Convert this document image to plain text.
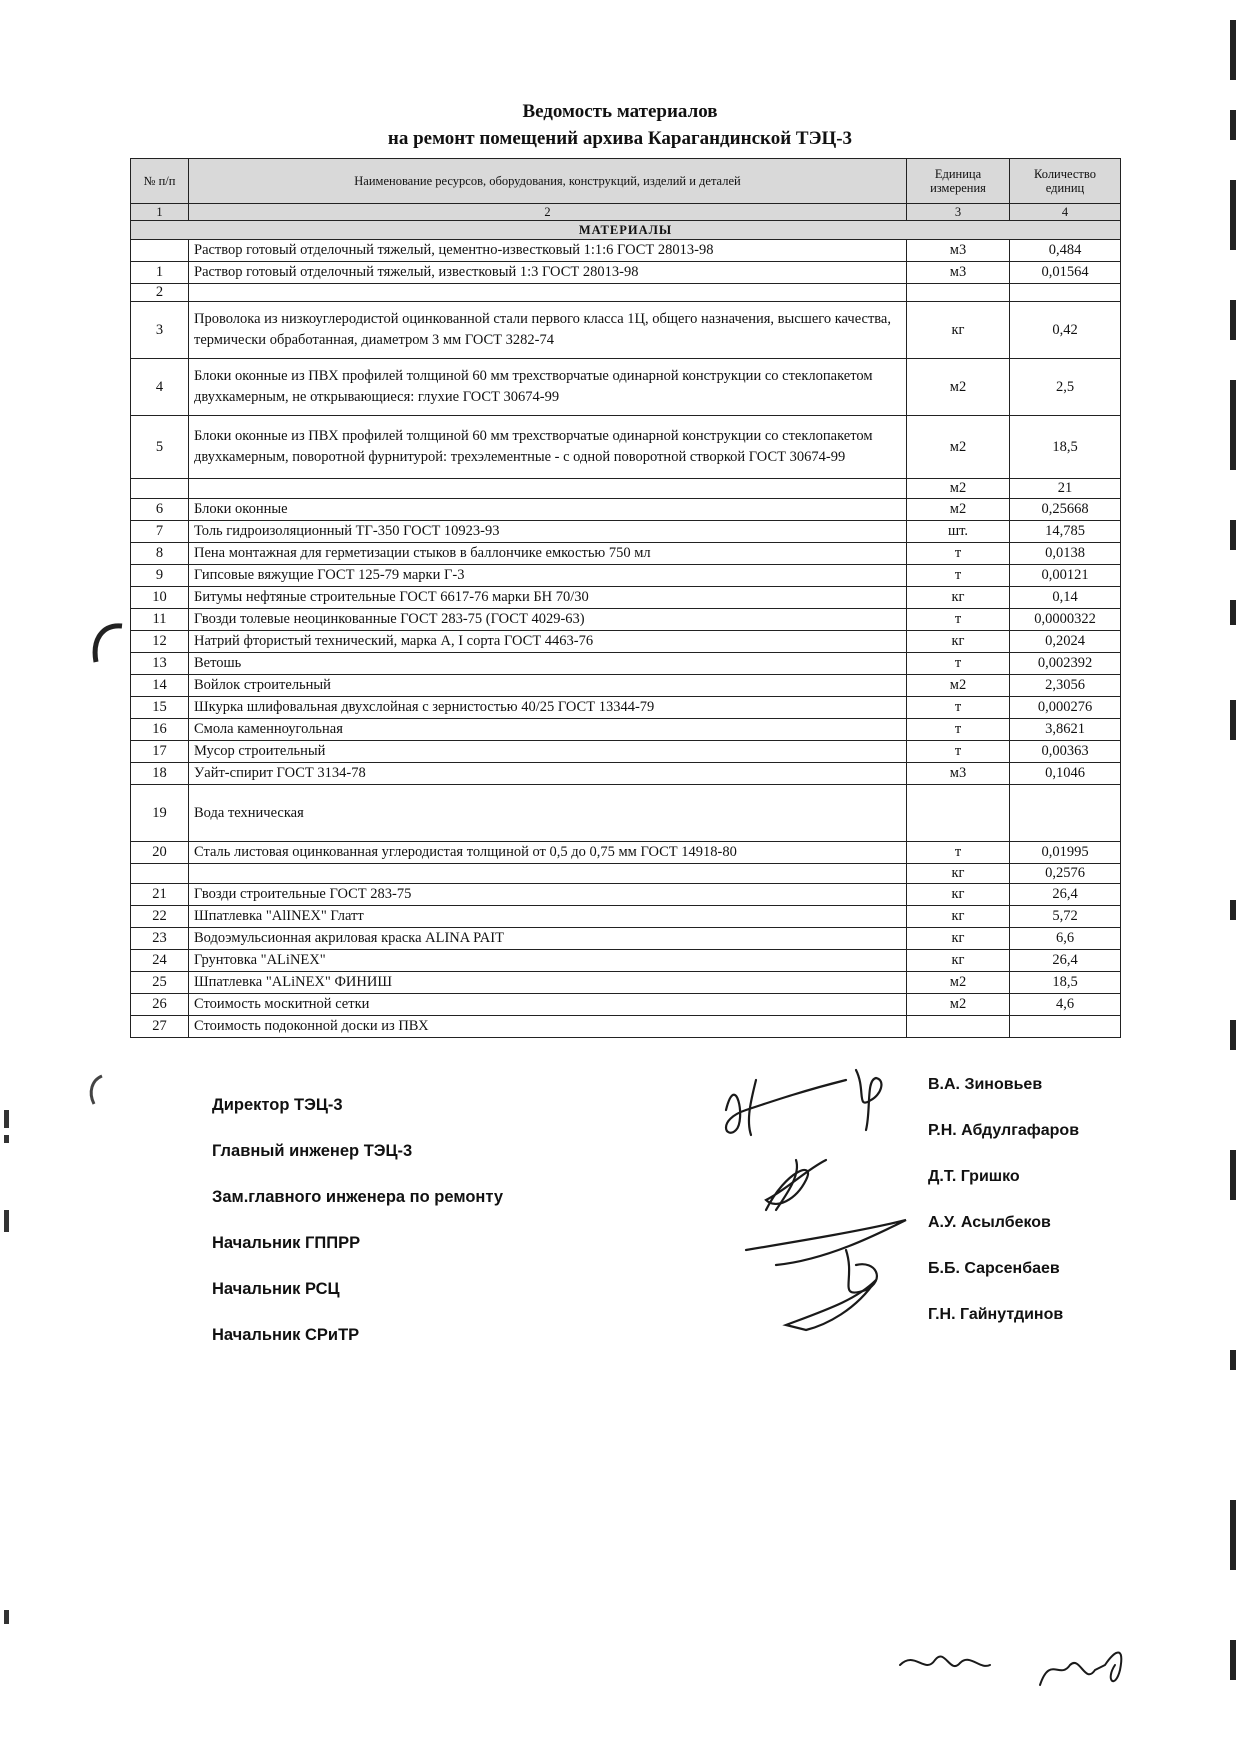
Ведомость материалов
на ремонт помещений архива Карагандинской ТЭЦ-3
№ п/п	Наименование ресурсов, оборудования, конструкций, изделий и деталей	Единица измерения	Количество единиц
1	2	3	4
МАТЕРИАЛЫ			
	Раствор готовый отделочный тяжелый, цементно-известковый 1:1:6 ГОСТ 28013-98	м3	0,484
1	Раствор готовый отделочный тяжелый, известковый 1:3 ГОСТ 28013-98	м3	0,01564
2			
3	Проволока из низкоуглеродистой оцинкованной стали первого класса 1Ц, общего назначения, высшего качества, термически обработанная, диаметром 3 мм ГОСТ 3282-74	кг	0,42
4	Блоки оконные из ПВХ профилей толщиной 60 мм трехстворчатые одинарной конструкции со стеклопакетом двухкамерным, не открывающиеся: глухие ГОСТ 30674-99	м2	2,5
5	Блоки оконные из ПВХ профилей толщиной 60 мм трехстворчатые одинарной конструкции со стеклопакетом двухкамерным, поворотной фурнитурой: трехэлементные - с одной поворотной створкой ГОСТ 30674-99	м2	18,5
		м2	21
6	Блоки оконные	м2	0,25668
7	Толь гидроизоляционный ТГ-350 ГОСТ 10923-93	шт.	14,785
8	Пена монтажная для герметизации стыков в баллончике емкостью 750 мл	т	0,0138
9	Гипсовые вяжущие ГОСТ 125-79 марки Г-3	т	0,00121
10	Битумы нефтяные строительные ГОСТ 6617-76 марки БН 70/30	кг	0,14
11	Гвозди толевые неоцинкованные ГОСТ 283-75 (ГОСТ 4029-63)	т	0,0000322
12	Натрий фтористый технический, марка А, I сорта ГОСТ 4463-76	кг	0,2024
13	Ветошь	т	0,002392
14	Войлок строительный	м2	2,3056
15	Шкурка шлифовальная двухслойная с зернистостью 40/25 ГОСТ 13344-79	т	0,000276
16	Смола каменноугольная	т	3,8621
17	Мусор строительный	т	0,00363
18	Уайт-спирит ГОСТ 3134-78	м3	0,1046
19	Вода техническая		
20	Сталь листовая оцинкованная углеродистая толщиной от 0,5 до 0,75 мм ГОСТ 14918-80	т	0,01995
		кг	0,2576
21	Гвозди строительные ГОСТ 283-75	кг	26,4
22	Шпатлевка "AlINEX" Глатт	кг	5,72
23	Водоэмульсионная акриловая краска ALINA PAIT	кг	6,6
24	Грунтовка "ALiNEX"	кг	26,4
25	Шпатлевка "ALiNEX" ФИНИШ	м2	18,5
26	Стоимость москитной сетки	м2	4,6
27	Стоимость подоконной доски из ПВХ		
Директор ТЭЦ-3
Главный инженер ТЭЦ-3
Зам.главного инженера по ремонту
Начальник ГППРР
Начальник РСЦ
Начальник СРиТР
В.А. Зиновьев
Р.Н. Абдулгафаров
Д.Т. Гришко
А.У. Асылбеков
Б.Б. Сарсенбаев
Г.Н. Гайнутдинов
